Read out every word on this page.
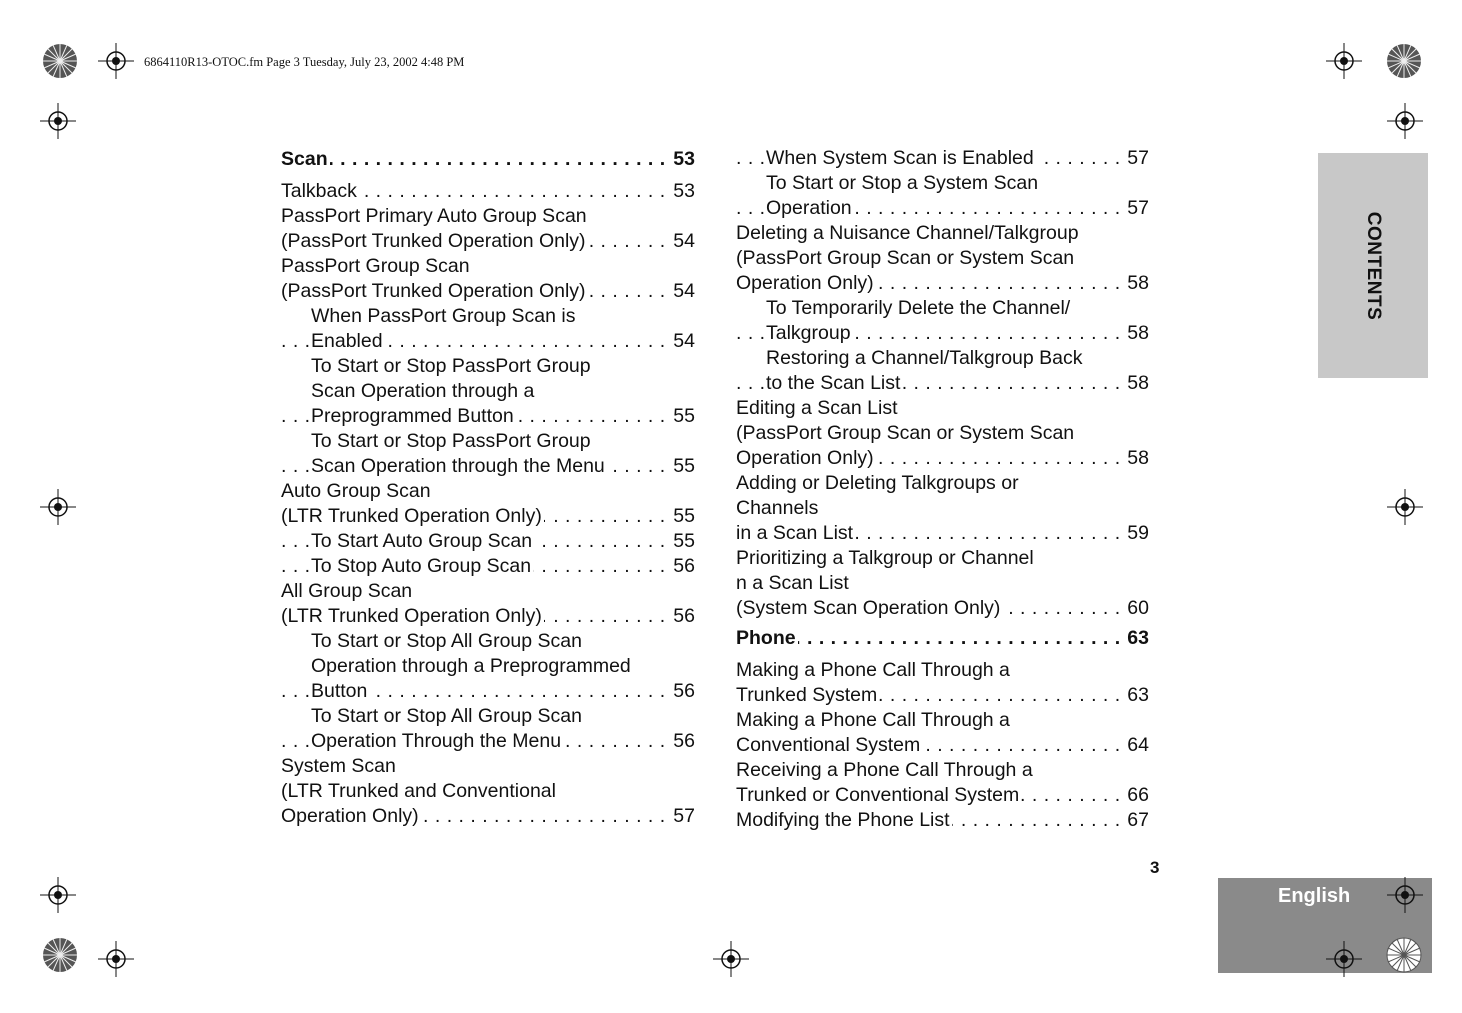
6864110R13-OTOC.fm Page 3 Tuesday, July 23, 2002 4:48 PM
Scan	53
. . .
Talkback	53
. . .
PassPort Primary Auto Group Scan
(PassPort Trunked Operation Only)	54
. . .
PassPort Group Scan
(PassPort Trunked Operation Only)	54
. . .
When PassPort Group Scan is
Enabled	54
. . .
To Start or Stop PassPort Group
Scan Operation through a
Preprogrammed Button	55
. . .
To Start or Stop PassPort Group
Scan Operation through the Menu	55
. . .
Auto Group Scan
(LTR Trunked Operation Only)	55
. . .
To Start Auto Group Scan	55
. . .
To Stop Auto Group Scan	56
. . .
All Group Scan
(LTR Trunked Operation Only)	56
. . .
To Start or Stop All Group Scan
Operation through a Preprogrammed
Button	56
. . .
To Start or Stop All Group Scan
Operation Through the Menu	56
. . .
System Scan
(LTR Trunked and Conventional
Operation Only)	57
. . .
When System Scan is Enabled	57
. . .
To Start or Stop a System Scan
Operation	57
. . .
Deleting a Nuisance Channel/Talkgroup
(PassPort Group Scan or System Scan
Operation Only)	58
. . .
To Temporarily Delete the Channel/
Talkgroup	58
. . .
Restoring a Channel/Talkgroup Back
to the Scan List	58
. . .
Editing a Scan List
(PassPort Group Scan or System Scan
Operation Only)	58
. . .
Adding or Deleting Talkgroups or
Channels
in a Scan List	59
. . .
Prioritizing a Talkgroup or Channel
n a Scan List
(System Scan Operation Only)	60
. . .
Phone	63
. . .
Making a Phone Call Through a
Trunked System	63
. . .
Making a Phone Call Through a
Conventional System	64
. . .
Receiving a Phone Call Through a
Trunked or Conventional System	66
. . .
Modifying the Phone List	67
. . .
CONTENTS
3
English
